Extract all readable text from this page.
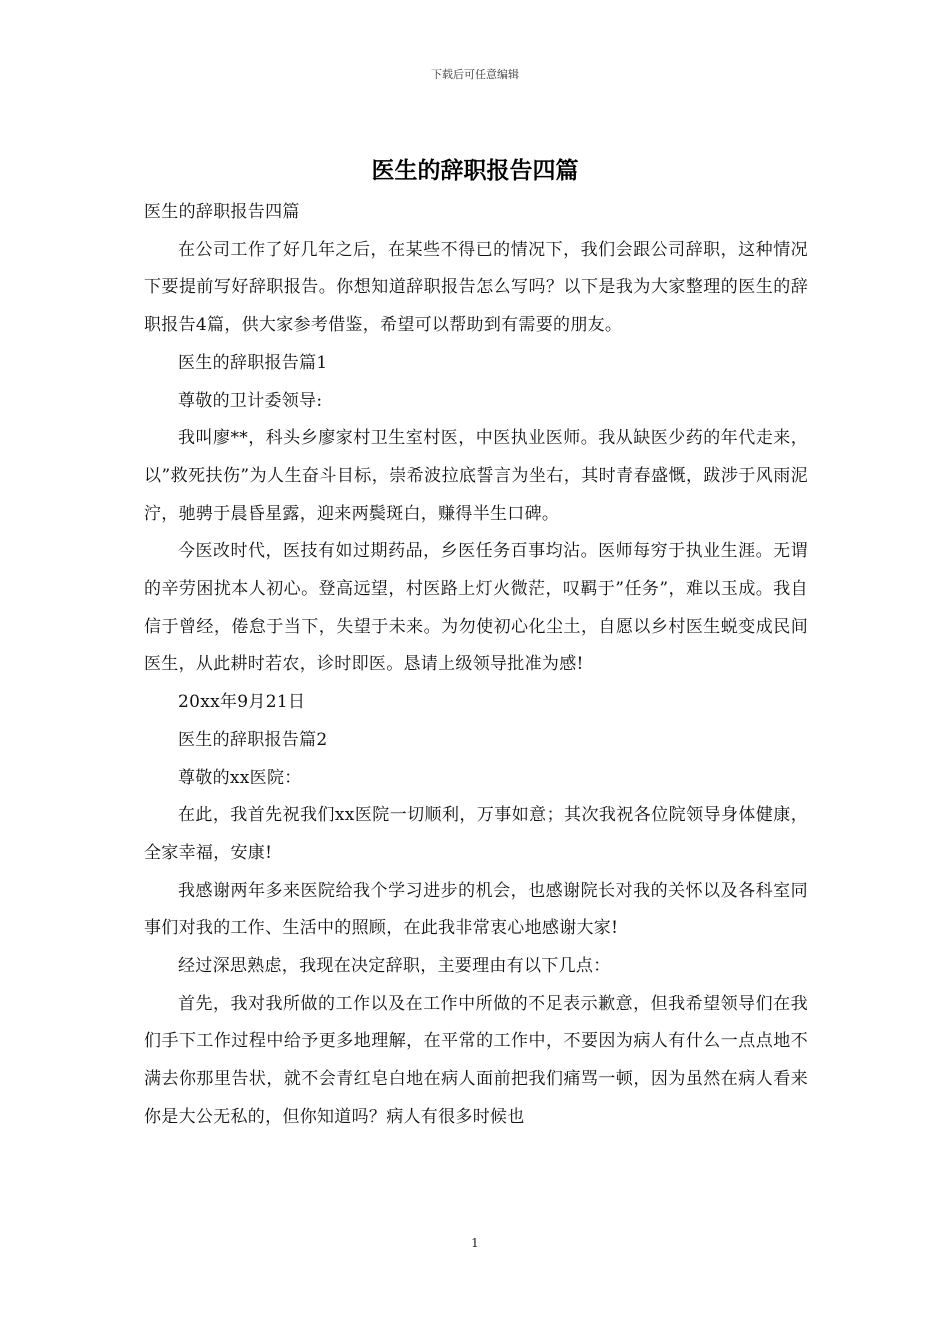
下载后可任意编辑
医生的辞职报告四篇

医生的辞职报告四篇

在公司工作了好几年之后，在某些不得已的情况下，我们会跟公司辞职，这种情况下要提前写好辞职报告。你想知道辞职报告怎么写吗？以下是我为大家整理的医生的辞职报告4篇，供大家参考借鉴，希望可以帮助到有需要的朋友。

医生的辞职报告篇1

尊敬的卫计委领导:

我叫廖**，科头乡廖家村卫生室村医，中医执业医师。我从缺医少药的年代走来，以”救死扶伤”为人生奋斗目标，崇希波拉底誓言为坐右，其时青春盛慨，跋涉于风雨泥泞，驰骋于晨昏星露，迎来两鬓斑白，赚得半生口碑。

今医改时代，医技有如过期药品，乡医任务百事均沾。医师每穷于执业生涯。无谓的辛劳困扰本人初心。登高远望，村医路上灯火微茫，叹羁于”任务”，难以玉成。我自信于曾经，倦怠于当下，失望于未来。为勿使初心化尘土，自愿以乡村医生蜕变成民间医生，从此耕时若农，诊时即医。恳请上级领导批准为感!

20xx年9月21日

医生的辞职报告篇2

尊敬的xx医院：

在此，我首先祝我们xx医院一切顺利，万事如意；其次我祝各位院领导身体健康，全家幸福，安康!

我感谢两年多来医院给我个学习进步的机会，也感谢院长对我的关怀以及各科室同事们对我的工作、生活中的照顾，在此我非常衷心地感谢大家!

经过深思熟虑，我现在决定辞职，主要理由有以下几点：

首先，我对我所做的工作以及在工作中所做的不足表示歉意，但我希望领导们在我们手下工作过程中给予更多地理解，在平常的工作中，不要因为病人有什么一点点地不满去你那里告状，就不会青红皂白地在病人面前把我们痛骂一顿，因为虽然在病人看来你是大公无私的，但你知道吗？病人有很多时候也

1
